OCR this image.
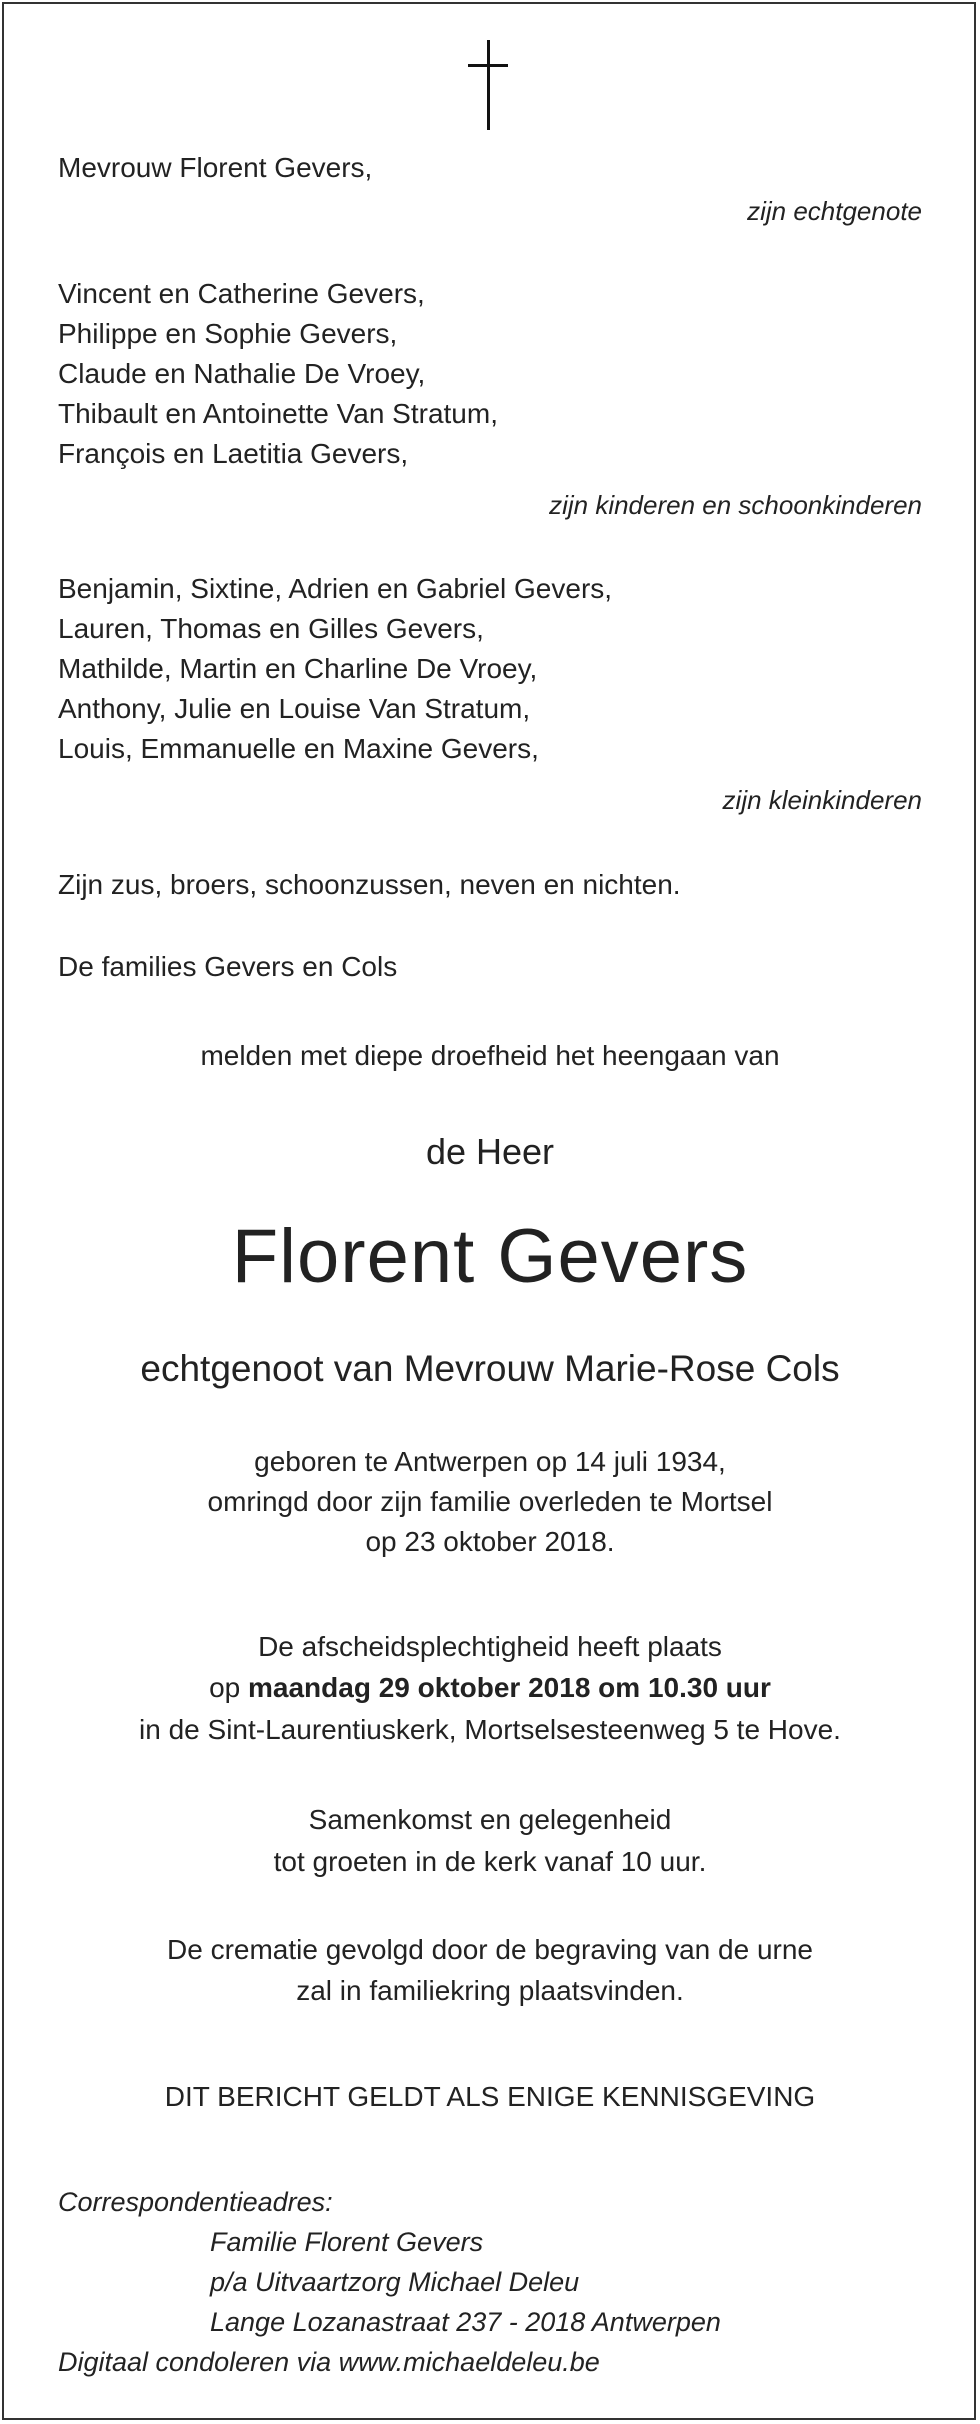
Mevrouw Florent Gevers,
zijn echtgenote
Vincent en Catherine Gevers,
Philippe en Sophie Gevers,
Claude en Nathalie De Vroey,
Thibault en Antoinette Van Stratum,
François en Laetitia Gevers,
zijn kinderen en schoonkinderen
Benjamin, Sixtine, Adrien en Gabriel Gevers,
Lauren, Thomas en Gilles Gevers,
Mathilde, Martin en Charline De Vroey,
Anthony, Julie en Louise Van Stratum,
Louis, Emmanuelle en Maxine Gevers,
zijn kleinkinderen
Zijn zus, broers, schoonzussen, neven en nichten.
De families Gevers en Cols
melden met diepe droefheid het heengaan van
de Heer
Florent Gevers
echtgenoot van Mevrouw Marie-Rose Cols
geboren te Antwerpen op 14 juli 1934,
omringd door zijn familie overleden te Mortsel
op 23 oktober 2018.
De afscheidsplechtigheid heeft plaats
op maandag 29 oktober 2018 om 10.30 uur
in de Sint-Laurentiuskerk, Mortselsesteenweg 5 te Hove.
Samenkomst en gelegenheid
tot groeten in de kerk vanaf 10 uur.
De crematie gevolgd door de begraving van de urne
zal in familiekring plaatsvinden.
DIT BERICHT GELDT ALS ENIGE KENNISGEVING
Correspondentieadres:
Familie Florent Gevers
p/a Uitvaartzorg Michael Deleu
Lange Lozanastraat 237 - 2018 Antwerpen
Digitaal condoleren via www.michaeldeleu.be
